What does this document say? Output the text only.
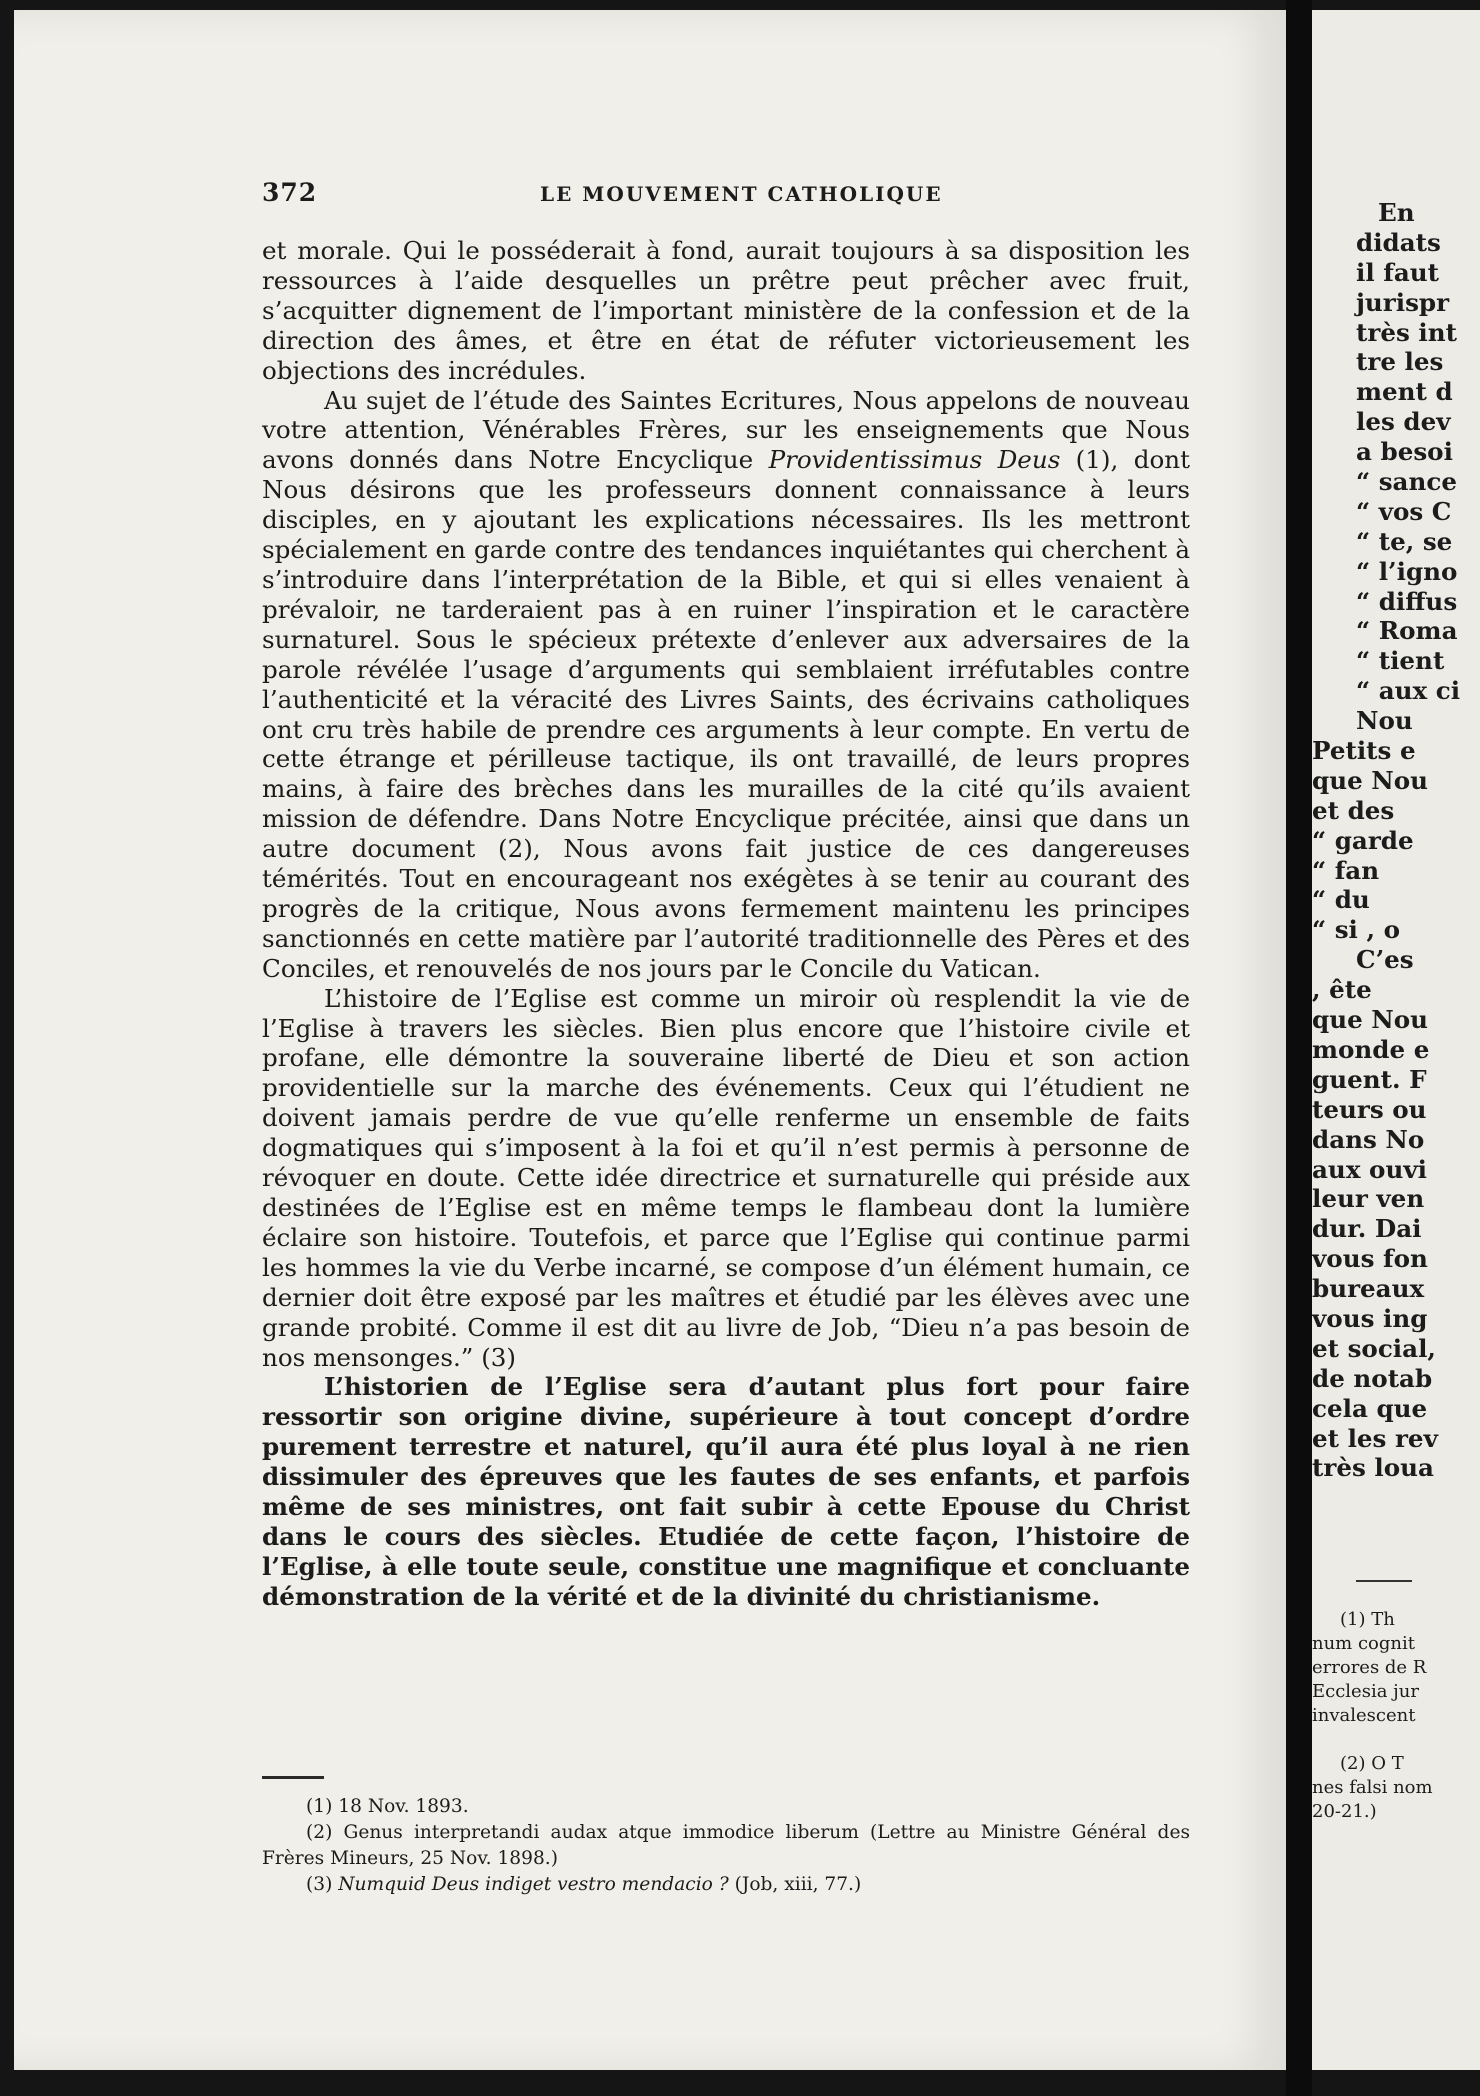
372	LE MOUVEMENT CATHOLIQUE

et morale. Qui le posséderait à fond, aurait toujours à sa disposition les ressources à l’aide desquelles un prêtre peut prêcher avec fruit, s’acquitter dignement de l’important ministère de la confession et de la direction des âmes, et être en état de réfuter victorieusement les objections des incrédules.

Au sujet de l’étude des Saintes Ecritures, Nous appelons de nouveau votre attention, Vénérables Frères, sur les enseignements que Nous avons donnés dans Notre Encyclique Providentissimus Deus (1), dont Nous désirons que les professeurs donnent connaissance à leurs disciples, en y ajoutant les explications nécessaires. Ils les mettront spécialement en garde contre des tendances inquiétantes qui cherchent à s’introduire dans l’interprétation de la Bible, et qui si elles venaient à prévaloir, ne tarderaient pas à en ruiner l’inspiration et le caractère surnaturel. Sous le spécieux prétexte d’enlever aux adversaires de la parole révélée l’usage d’arguments qui semblaient irréfutables contre l’authenticité et la véracité des Livres Saints, des écrivains catholiques ont cru très habile de prendre ces arguments à leur compte. En vertu de cette étrange et périlleuse tactique, ils ont travaillé, de leurs propres mains, à faire des brèches dans les murailles de la cité qu’ils avaient mission de défendre. Dans Notre Encyclique précitée, ainsi que dans un autre document (2), Nous avons fait justice de ces dangereuses témérités. Tout en encourageant nos exégètes à se tenir au courant des progrès de la critique, Nous avons fermement maintenu les principes sanctionnés en cette matière par l’autorité traditionnelle des Pères et des Conciles, et renouvelés de nos jours par le Concile du Vatican.

L’histoire de l’Eglise est comme un miroir où resplendit la vie de l’Eglise à travers les siècles. Bien plus encore que l’histoire civile et profane, elle démontre la souveraine liberté de Dieu et son action providentielle sur la marche des événements. Ceux qui l’étudient ne doivent jamais perdre de vue qu’elle renferme un ensemble de faits dogmatiques qui s’imposent à la foi et qu’il n’est permis à personne de révoquer en doute. Cette idée directrice et surnaturelle qui préside aux destinées de l’Eglise est en même temps le flambeau dont la lumière éclaire son histoire. Toutefois, et parce que l’Eglise qui continue parmi les hommes la vie du Verbe incarné, se compose d’un élément humain, ce dernier doit être exposé par les maîtres et étudié par les élèves avec une grande probité. Comme il est dit au livre de Job, “Dieu n’a pas besoin de nos mensonges.” (3)

L’historien de l’Eglise sera d’autant plus fort pour faire ressortir son origine divine, supérieure à tout concept d’ordre purement terrestre et naturel, qu’il aura été plus loyal à ne rien dissimuler des épreuves que les fautes de ses enfants, et parfois même de ses ministres, ont fait subir à cette Epouse du Christ dans le cours des siècles. Etudiée de cette façon, l’histoire de l’Eglise, à elle toute seule, constitue une magnifique et concluante démonstration de la vérité et de la divinité du christianisme.

(1) 18 Nov. 1893.

(2) Genus interpretandi audax atque immodice liberum (Lettre au Ministre Général des Frères Mineurs, 25 Nov. 1898.)

(3) Numquid Deus indiget vestro mendacio ? (Job, xiii, 77.)

En
didats
il faut
jurispr
très int
tre les
ment d
les dev
a besoi
“ sance
“ vos C
“ te, se
“ l’igno
“ diffus
“ Roma
“ tient
“ aux ci
Nou
Petits e
que Nou
et des
“ garde
“ fan
“ du
“ si , o
C’es
, ête
que Nou
monde e
guent. F
teurs ou
dans No
aux ouvi
leur ven
dur. Dai
vous fon
bureaux
vous ing
et social,
de notab
cela que
et les rev
très loua
(1) Th
num cognit
errores de R
Ecclesia jur
invalescent
(2) O T
nes falsi nom
20-21.)
